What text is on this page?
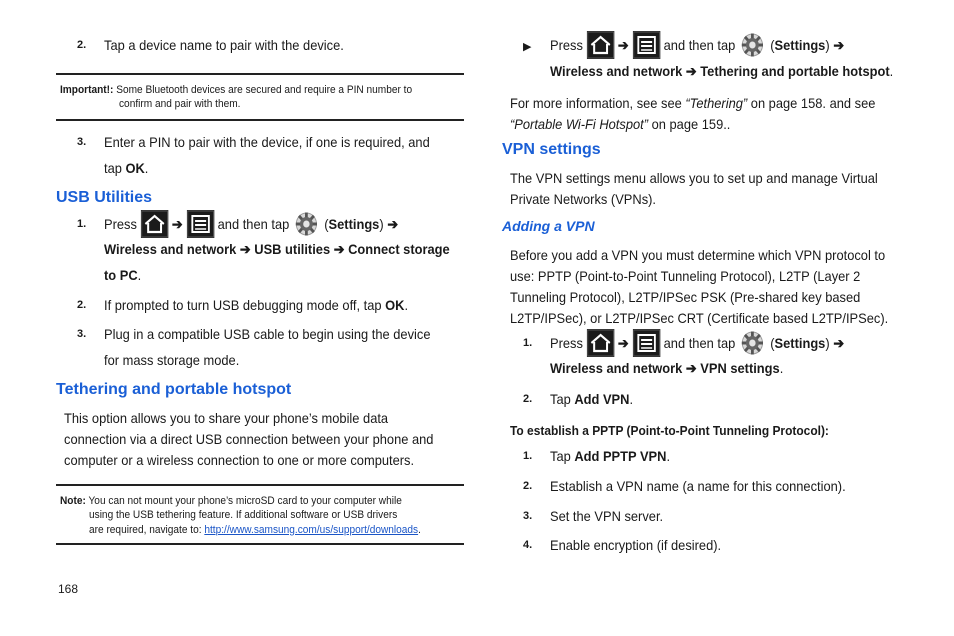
2. Tap a device name to pair with the device.
Important!: Some Bluetooth devices are secured and require a PIN number to
confirm and pair with them.
3. Enter a PIN to pair with the device, if one is required, and
tap OK.
USB Utilities
1. Press ➔ and then tap (Settings) ➔
Wireless and network ➔ USB utilities ➔ Connect storage
to PC.
2. If prompted to turn USB debugging mode off, tap OK.
3. Plug in a compatible USB cable to begin using the device
for mass storage mode.
Tethering and portable hotspot
This option allows you to share your phone’s mobile data
connection via a direct USB connection between your phone and
computer or a wireless connection to one or more computers.
Note: You can not mount your phone’s microSD card to your computer while
using the USB tethering feature. If additional software or USB drivers
are required, navigate to: http://www.samsung.com/us/support/downloads.
168
▶ Press ➔ and then tap (Settings) ➔
Wireless and network ➔ Tethering and portable hotspot.
For more information, see see “Tethering” on page 158. and see
“Portable Wi-Fi Hotspot” on page 159..
VPN settings
The VPN settings menu allows you to set up and manage Virtual
Private Networks (VPNs).
Adding a VPN
Before you add a VPN you must determine which VPN protocol to
use: PPTP (Point-to-Point Tunneling Protocol), L2TP (Layer 2
Tunneling Protocol), L2TP/IPSec PSK (Pre-shared key based
L2TP/IPSec), or L2TP/IPSec CRT (Certificate based L2TP/IPSec).
1. Press ➔ and then tap (Settings) ➔
Wireless and network ➔ VPN settings.
2. Tap Add VPN.
To establish a PPTP (Point-to-Point Tunneling Protocol):
1. Tap Add PPTP VPN.
2. Establish a VPN name (a name for this connection).
3. Set the VPN server.
4. Enable encryption (if desired).
